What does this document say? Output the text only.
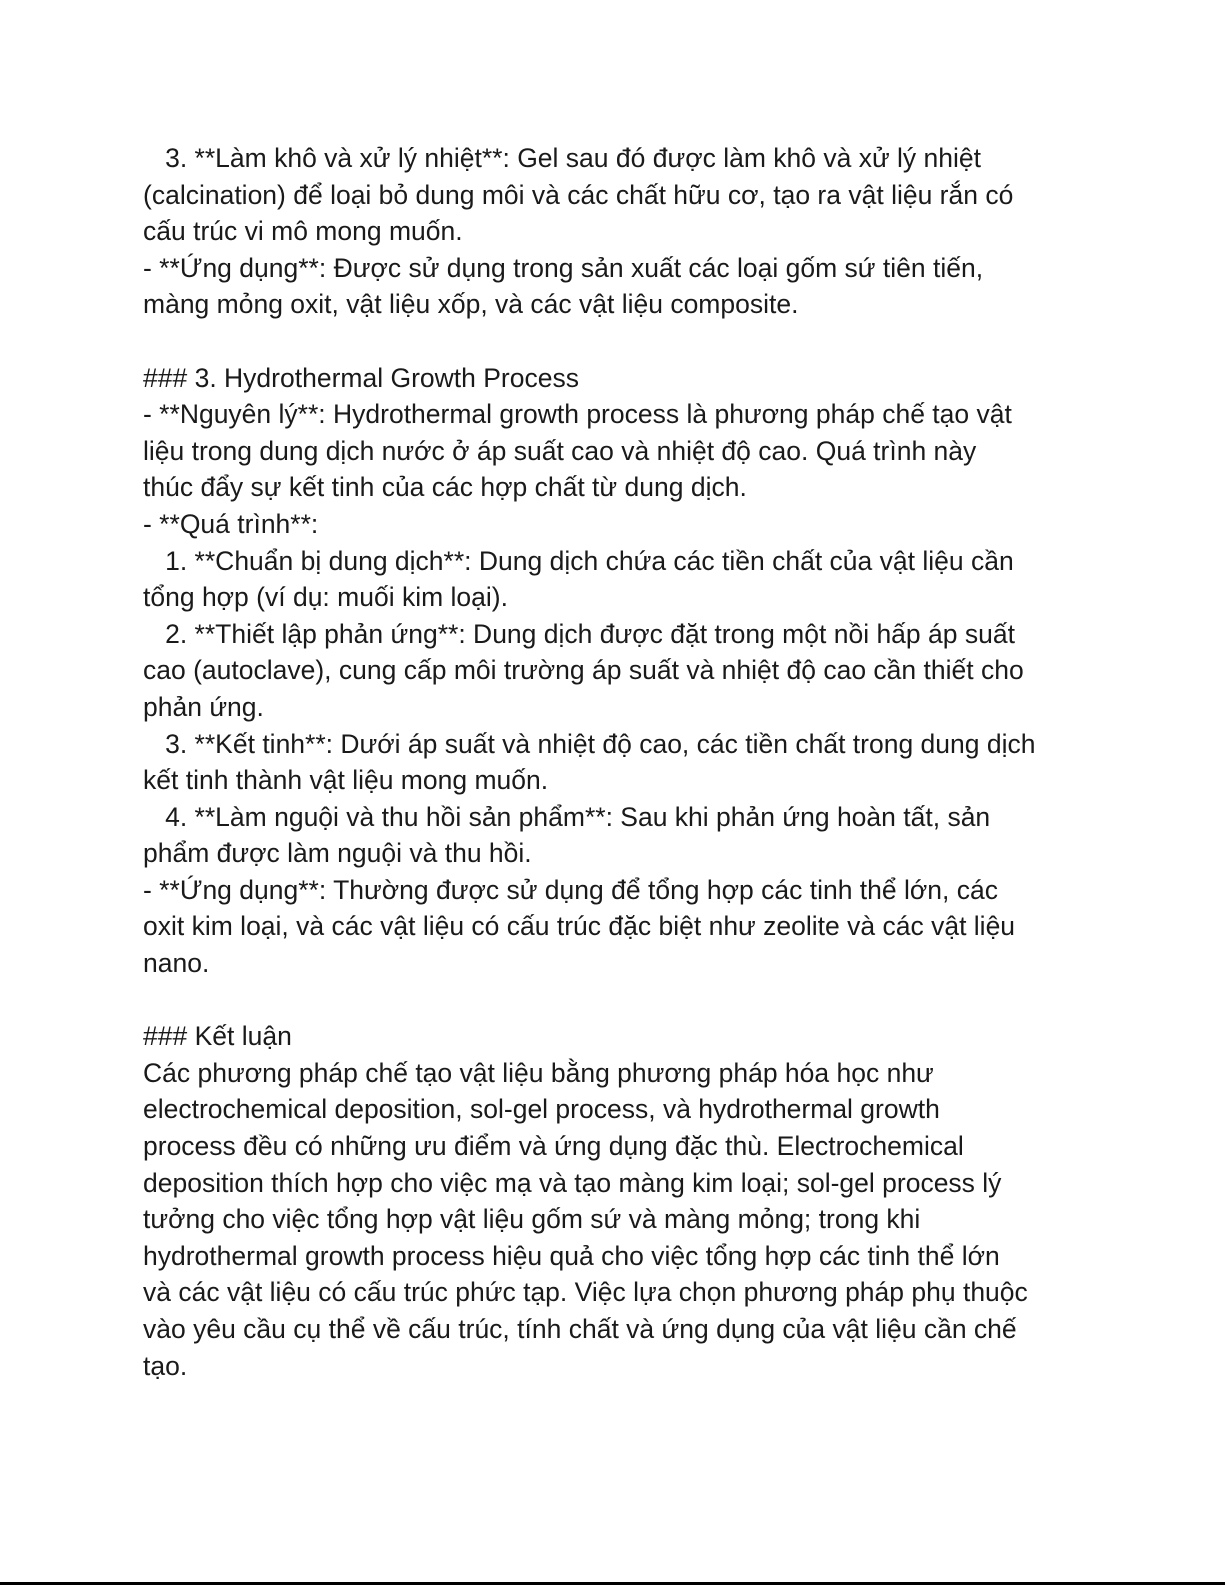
3. **Làm khô và xử lý nhiệt**: Gel sau đó được làm khô và xử lý nhiệt
(calcination) để loại bỏ dung môi và các chất hữu cơ, tạo ra vật liệu rắn có
cấu trúc vi mô mong muốn.
- **Ứng dụng**: Được sử dụng trong sản xuất các loại gốm sứ tiên tiến,
màng mỏng oxit, vật liệu xốp, và các vật liệu composite.
### 3. Hydrothermal Growth Process
- **Nguyên lý**: Hydrothermal growth process là phương pháp chế tạo vật
liệu trong dung dịch nước ở áp suất cao và nhiệt độ cao. Quá trình này
thúc đẩy sự kết tinh của các hợp chất từ dung dịch.
- **Quá trình**:
1. **Chuẩn bị dung dịch**: Dung dịch chứa các tiền chất của vật liệu cần
tổng hợp (ví dụ: muối kim loại).
2. **Thiết lập phản ứng**: Dung dịch được đặt trong một nồi hấp áp suất
cao (autoclave), cung cấp môi trường áp suất và nhiệt độ cao cần thiết cho
phản ứng.
3. **Kết tinh**: Dưới áp suất và nhiệt độ cao, các tiền chất trong dung dịch
kết tinh thành vật liệu mong muốn.
4. **Làm nguội và thu hồi sản phẩm**: Sau khi phản ứng hoàn tất, sản
phẩm được làm nguội và thu hồi.
- **Ứng dụng**: Thường được sử dụng để tổng hợp các tinh thể lớn, các
oxit kim loại, và các vật liệu có cấu trúc đặc biệt như zeolite và các vật liệu
nano.
### Kết luận
Các phương pháp chế tạo vật liệu bằng phương pháp hóa học như
electrochemical deposition, sol-gel process, và hydrothermal growth
process đều có những ưu điểm và ứng dụng đặc thù. Electrochemical
deposition thích hợp cho việc mạ và tạo màng kim loại; sol-gel process lý
tưởng cho việc tổng hợp vật liệu gốm sứ và màng mỏng; trong khi
hydrothermal growth process hiệu quả cho việc tổng hợp các tinh thể lớn
và các vật liệu có cấu trúc phức tạp. Việc lựa chọn phương pháp phụ thuộc
vào yêu cầu cụ thể về cấu trúc, tính chất và ứng dụng của vật liệu cần chế
tạo.
